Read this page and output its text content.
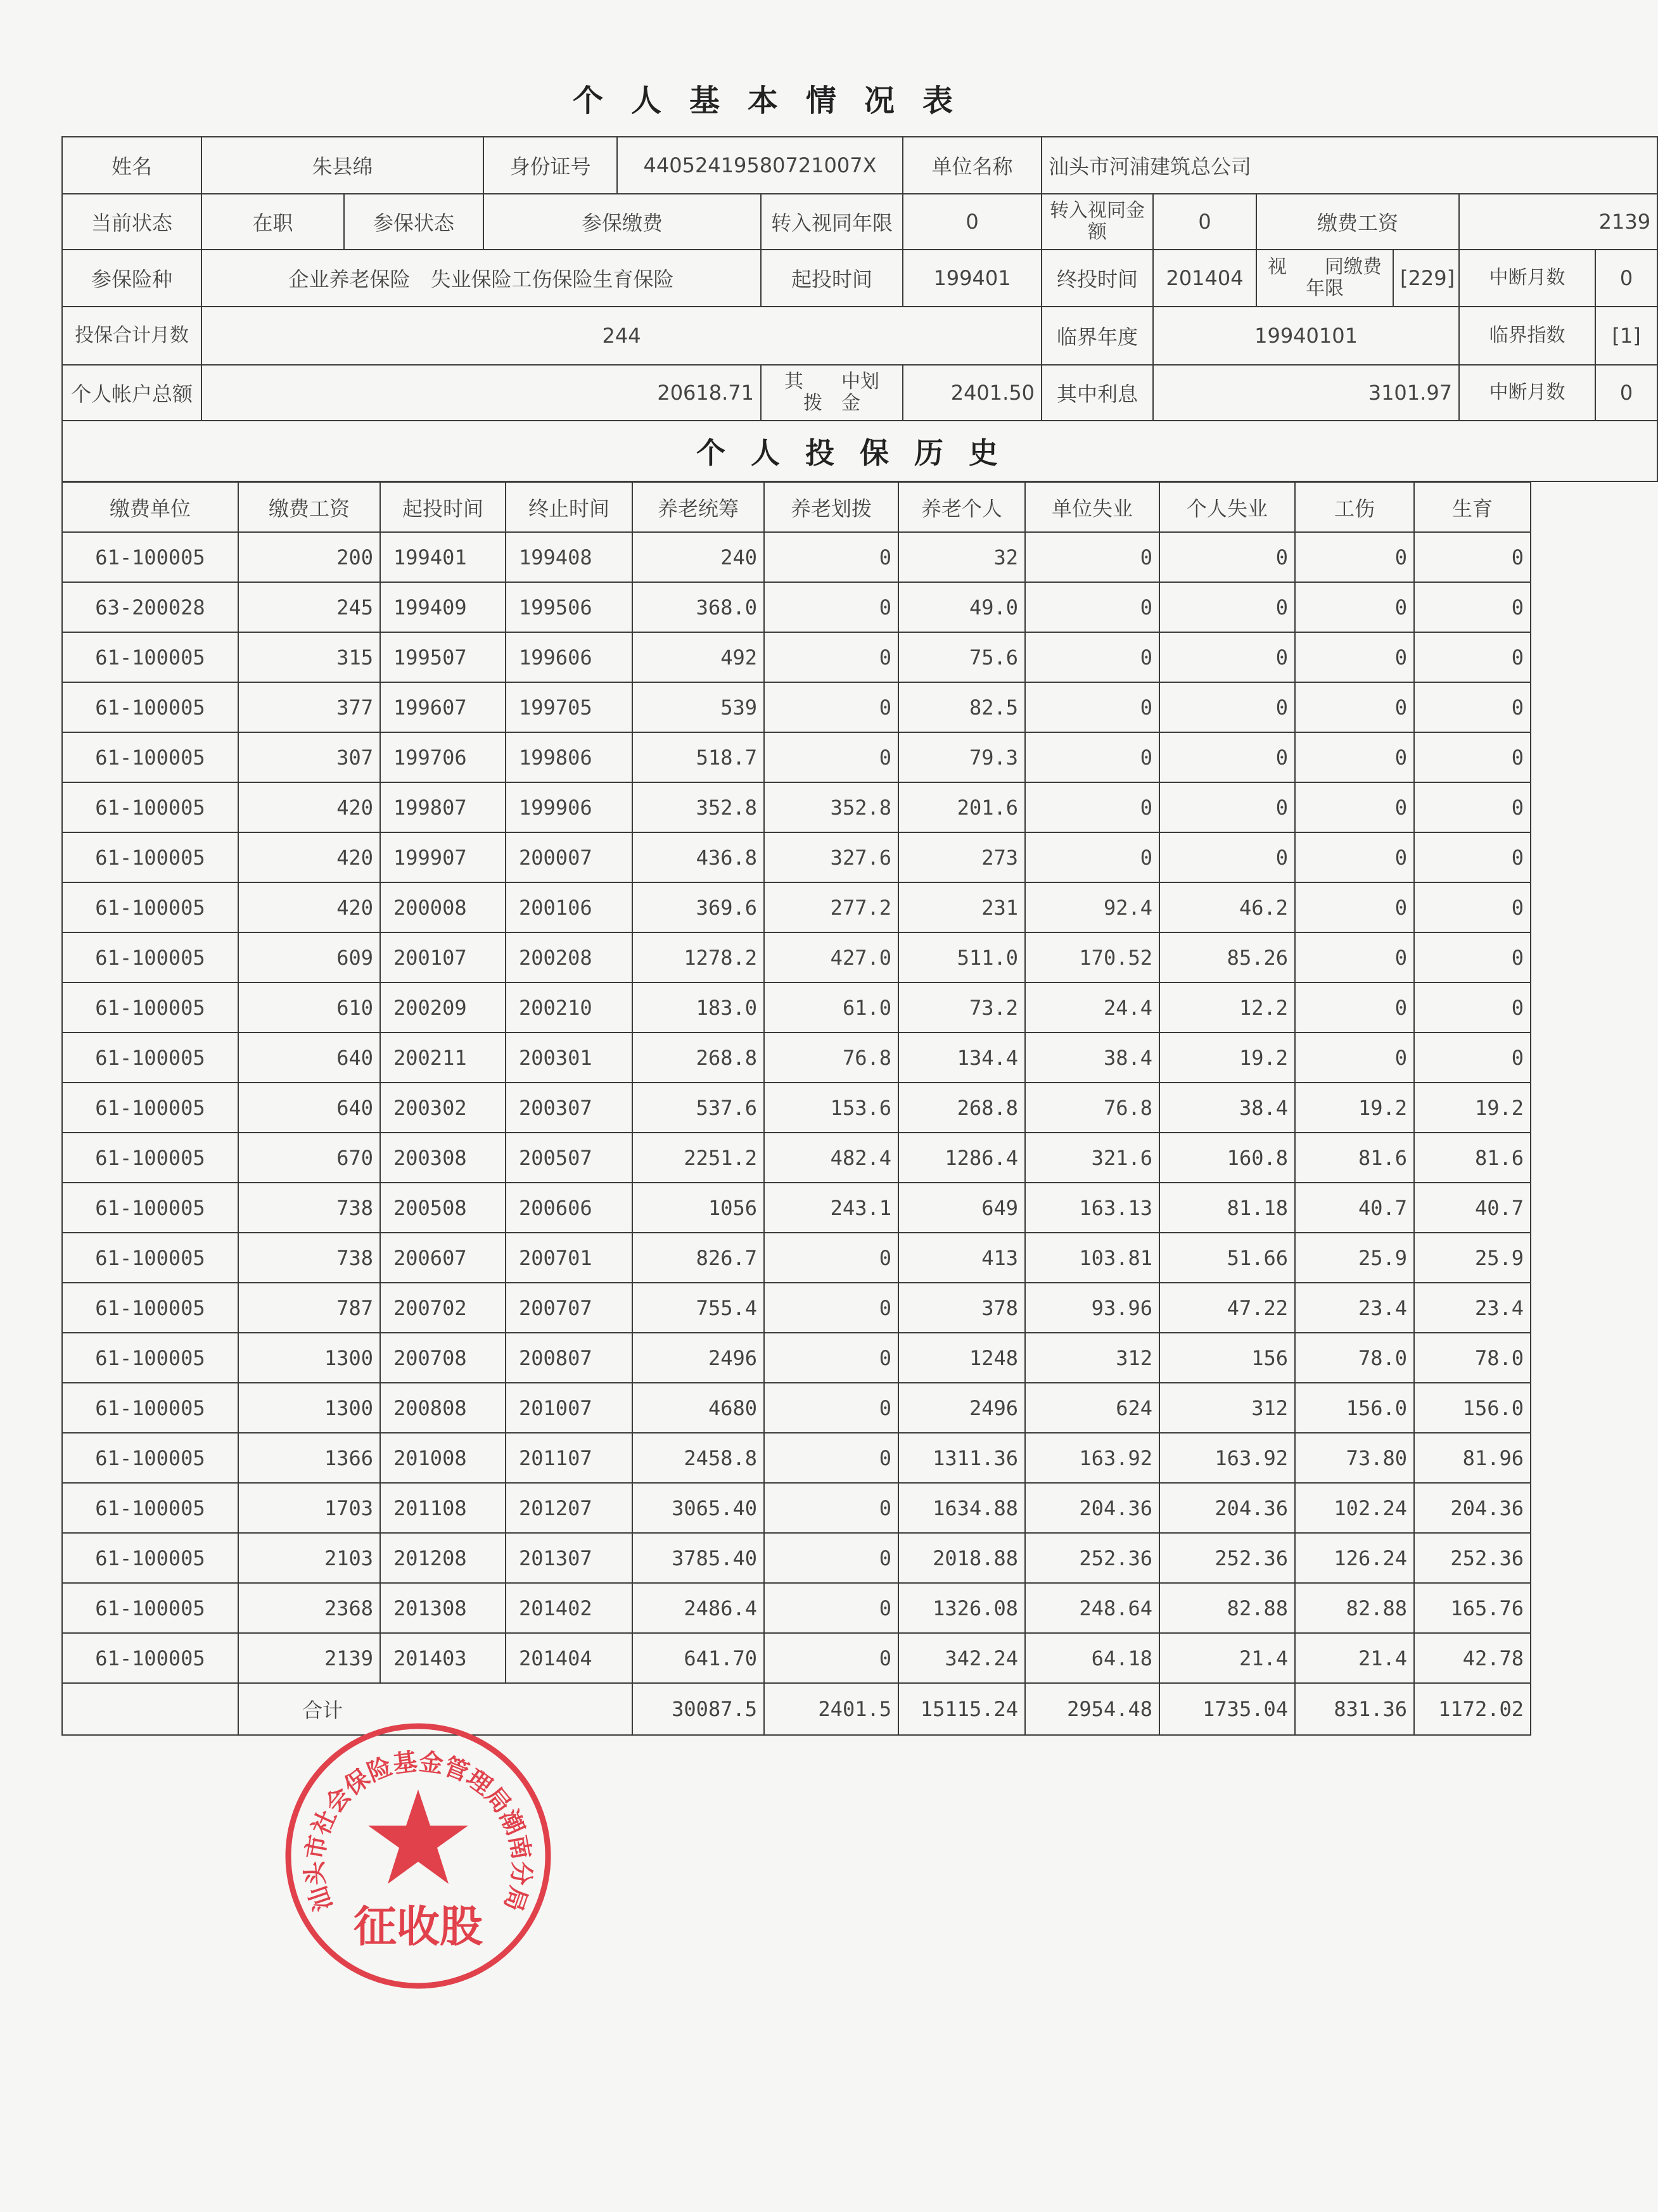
个人基本情况表
姓名	朱县绵		身份证号	44052419580721007X		单位名称	汕头市河浦建筑总公司					
当前状态	在职	参保状态	参保缴费		转入视同年限	0	转入视同金额	0	缴费工资		2139	
参保险种	企业养老保险　失业保险工伤保险生育保险				起投时间	199401	终投时间	201404	视　　同缴费年限	[229]	中断月数	0
投保合计月数	244						临界年度	19940101			临界指数	[1]
个人帐户总额	20618.71				其　　中划　拨　金	2401.50	其中利息	3101.97			中断月数	0
个人投保历史												
缴费单位	缴费工资	起投时间	终止时间	养老统筹	养老划拨	养老个人	单位失业	个人失业	工伤	生育
61-100005	200	199401	199408	240	0	32	0	0	0	0
63-200028	245	199409	199506	368.0	0	49.0	0	0	0	0
61-100005	315	199507	199606	492	0	75.6	0	0	0	0
61-100005	377	199607	199705	539	0	82.5	0	0	0	0
61-100005	307	199706	199806	518.7	0	79.3	0	0	0	0
61-100005	420	199807	199906	352.8	352.8	201.6	0	0	0	0
61-100005	420	199907	200007	436.8	327.6	273	0	0	0	0
61-100005	420	200008	200106	369.6	277.2	231	92.4	46.2	0	0
61-100005	609	200107	200208	1278.2	427.0	511.0	170.52	85.26	0	0
61-100005	610	200209	200210	183.0	61.0	73.2	24.4	12.2	0	0
61-100005	640	200211	200301	268.8	76.8	134.4	38.4	19.2	0	0
61-100005	640	200302	200307	537.6	153.6	268.8	76.8	38.4	19.2	19.2
61-100005	670	200308	200507	2251.2	482.4	1286.4	321.6	160.8	81.6	81.6
61-100005	738	200508	200606	1056	243.1	649	163.13	81.18	40.7	40.7
61-100005	738	200607	200701	826.7	0	413	103.81	51.66	25.9	25.9
61-100005	787	200702	200707	755.4	0	378	93.96	47.22	23.4	23.4
61-100005	1300	200708	200807	2496	0	1248	312	156	78.0	78.0
61-100005	1300	200808	201007	4680	0	2496	624	312	156.0	156.0
61-100005	1366	201008	201107	2458.8	0	1311.36	163.92	163.92	73.80	81.96
61-100005	1703	201108	201207	3065.40	0	1634.88	204.36	204.36	102.24	204.36
61-100005	2103	201208	201307	3785.40	0	2018.88	252.36	252.36	126.24	252.36
61-100005	2368	201308	201402	2486.4	0	1326.08	248.64	82.88	82.88	165.76
61-100005	2139	201403	201404	641.70	0	342.24	64.18	21.4	21.4	42.78
	合计			30087.5	2401.5	15115.24	2954.48	1735.04	831.36	1172.02
汕头市社会保险基金管理局潮南分局
征收股
